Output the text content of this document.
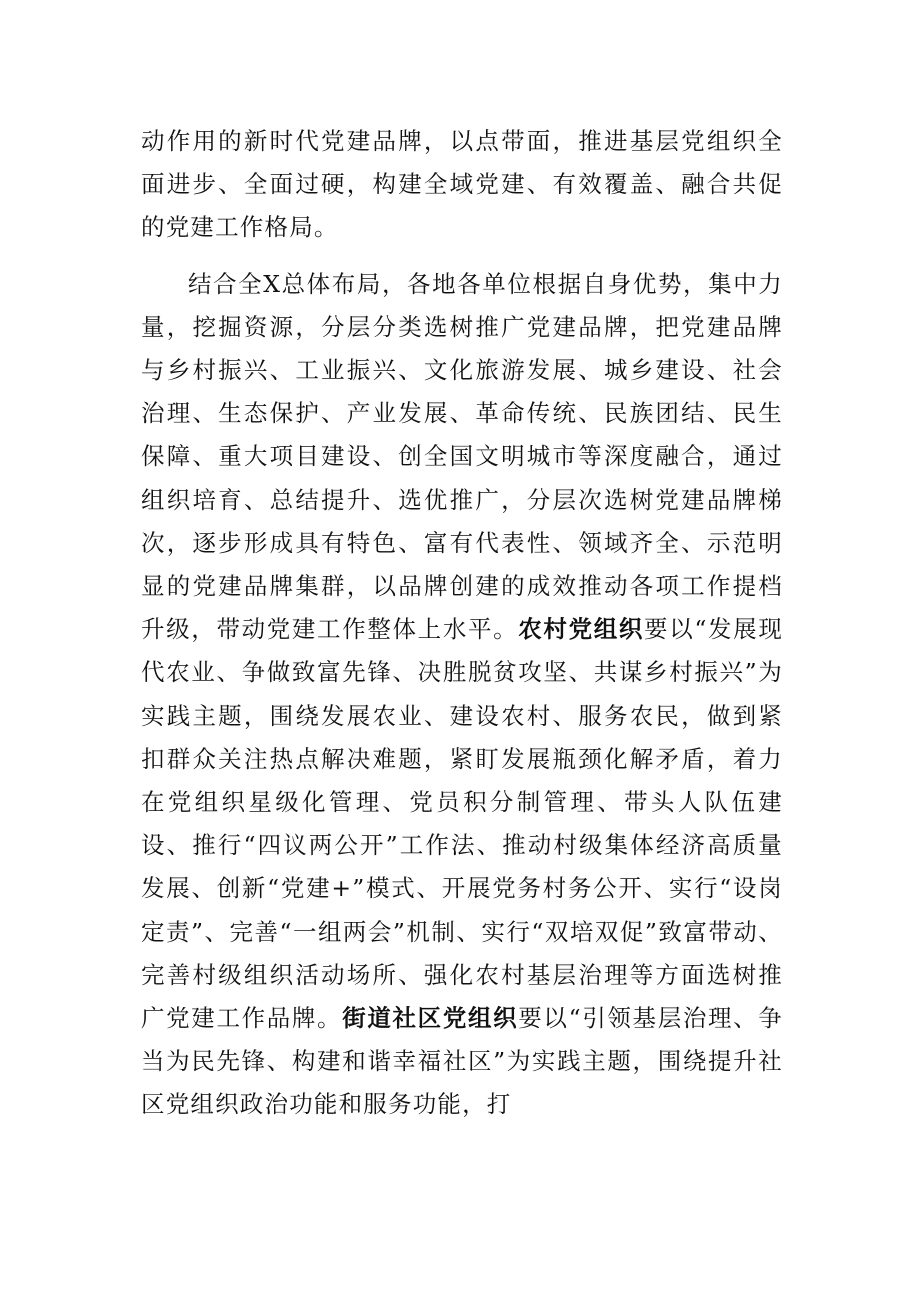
动作用的新时代党建品牌，以点带面，推进基层党组织全面进步、全面过硬，构建全域党建、有效覆盖、融合共促的党建工作格局。

结合全X总体布局，各地各单位根据自身优势，集中力量，挖掘资源，分层分类选树推广党建品牌，把党建品牌与乡村振兴、工业振兴、文化旅游发展、城乡建设、社会治理、生态保护、产业发展、革命传统、民族团结、民生保障、重大项目建设、创全国文明城市等深度融合，通过组织培育、总结提升、选优推广，分层次选树党建品牌梯次，逐步形成具有特色、富有代表性、领域齐全、示范明显的党建品牌集群，以品牌创建的成效推动各项工作提档升级，带动党建工作整体上水平。农村党组织要以“发展现代农业、争做致富先锋、决胜脱贫攻坚、共谋乡村振兴”为实践主题，围绕发展农业、建设农村、服务农民，做到紧扣群众关注热点解决难题，紧盯发展瓶颈化解矛盾，着力在党组织星级化管理、党员积分制管理、带头人队伍建设、推行“四议两公开”工作法、推动村级集体经济高质量发展、创新“党建+”模式、开展党务村务公开、实行“设岗定责”、完善“一组两会”机制、实行“双培双促”致富带动、完善村级组织活动场所、强化农村基层治理等方面选树推广党建工作品牌。街道社区党组织要以“引领基层治理、争当为民先锋、构建和谐幸福社区”为实践主题，围绕提升社区党组织政治功能和服务功能，打
